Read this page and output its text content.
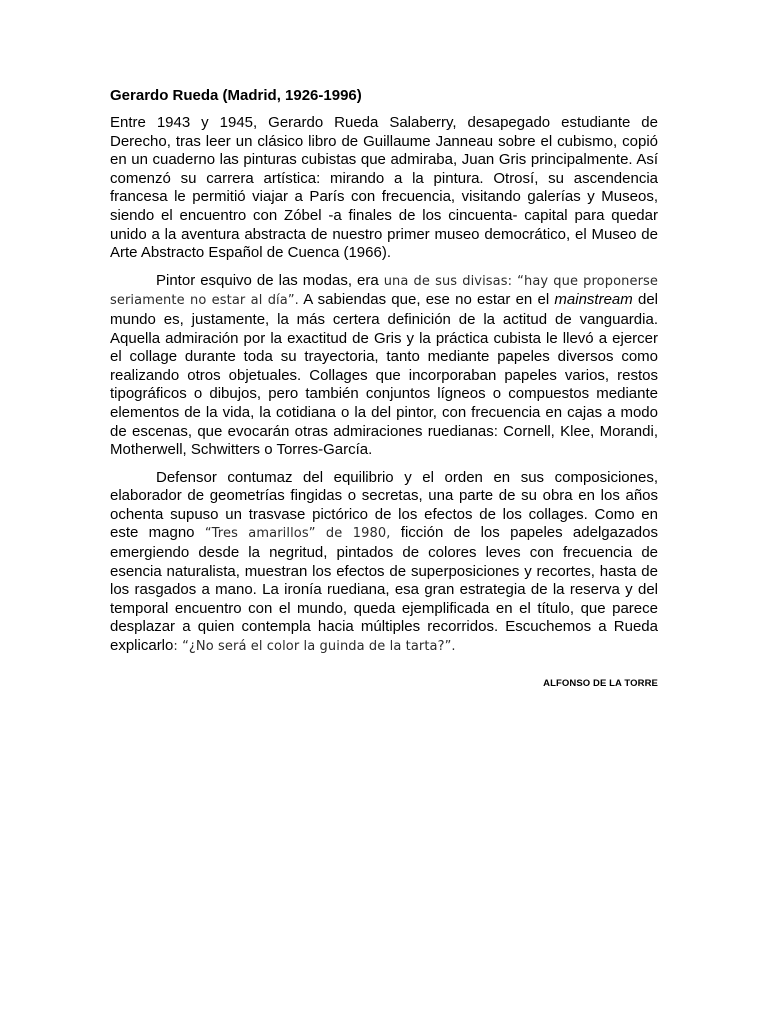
Gerardo Rueda (Madrid, 1926-1996)

Entre 1943 y 1945, Gerardo Rueda Salaberry, desapegado estudiante de Derecho, tras leer un clásico libro de Guillaume Janneau sobre el cubismo, copió en un cuaderno las pinturas cubistas que admiraba, Juan Gris principalmente. Así comenzó su carrera artística: mirando a la pintura. Otrosí, su ascendencia francesa le permitió viajar a París con frecuencia, visitando galerías y Museos, siendo el encuentro con Zóbel -a finales de los cincuenta- capital para quedar unido a la aventura abstracta de nuestro primer museo democrático, el Museo de Arte Abstracto Español de Cuenca (1966).

Pintor esquivo de las modas, era una de sus divisas: “hay que proponerse seriamente no estar al día”. A sabiendas que, ese no estar en el mainstream del mundo es, justamente, la más certera definición de la actitud de vanguardia. Aquella admiración por la exactitud de Gris y la práctica cubista le llevó a ejercer el collage durante toda su trayectoria, tanto mediante papeles diversos como realizando otros objetuales. Collages que incorporaban papeles varios, restos tipográficos o dibujos, pero también conjuntos lígneos o compuestos mediante elementos de la vida, la cotidiana o la del pintor, con frecuencia en cajas a modo de escenas, que evocarán otras admiraciones ruedianas: Cornell, Klee, Morandi, Motherwell, Schwitters o Torres-García.

Defensor contumaz del equilibrio y el orden en sus composiciones, elaborador de geometrías fingidas o secretas, una parte de su obra en los años ochenta supuso un trasvase pictórico de los efectos de los collages. Como en este magno “Tres amarillos” de 1980, ficción de los papeles adelgazados emergiendo desde la negritud, pintados de colores leves con frecuencia de esencia naturalista, muestran los efectos de superposiciones y recortes, hasta de los rasgados a mano. La ironía ruediana, esa gran estrategia de la reserva y del temporal encuentro con el mundo, queda ejemplificada en el título, que parece desplazar a quien contempla hacia múltiples recorridos. Escuchemos a Rueda explicarlo: “¿No será el color la guinda de la tarta?”.

ALFONSO DE LA TORRE
